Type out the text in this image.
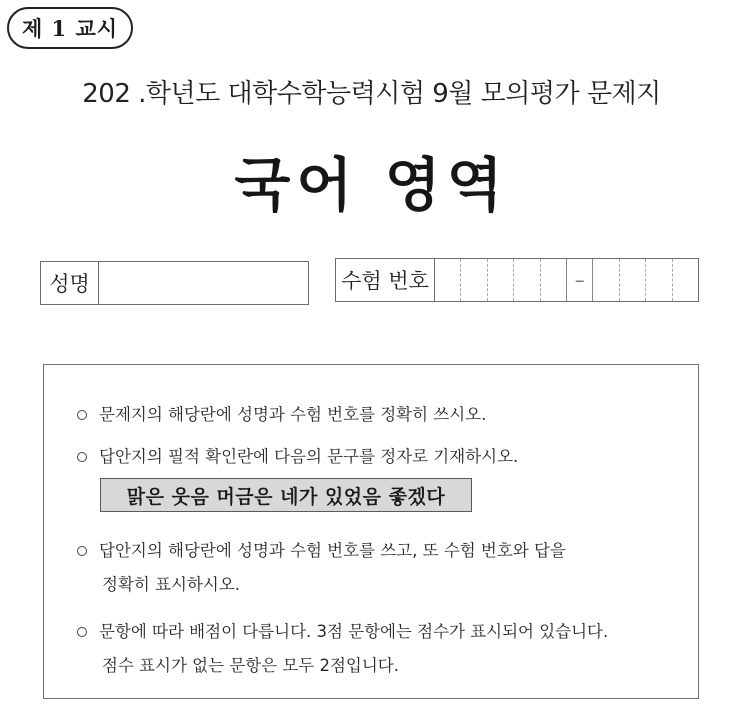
제 1 교시
202 .학년도 대학수학능력시험 9월 모의평가 문제지
국어 영역
성명	수험 번호	–
문제지의 해당란에 성명과 수험 번호를 정확히 쓰시오.
답안지의 필적 확인란에 다음의 문구를 정자로 기재하시오.
맑은 웃음 머금은 네가 있었음 좋겠다
답안지의 해당란에 성명과 수험 번호를 쓰고, 또 수험 번호와 답을
정확히 표시하시오.
문항에 따라 배점이 다릅니다. 3점 문항에는 점수가 표시되어 있습니다.
점수 표시가 없는 문항은 모두 2점입니다.
